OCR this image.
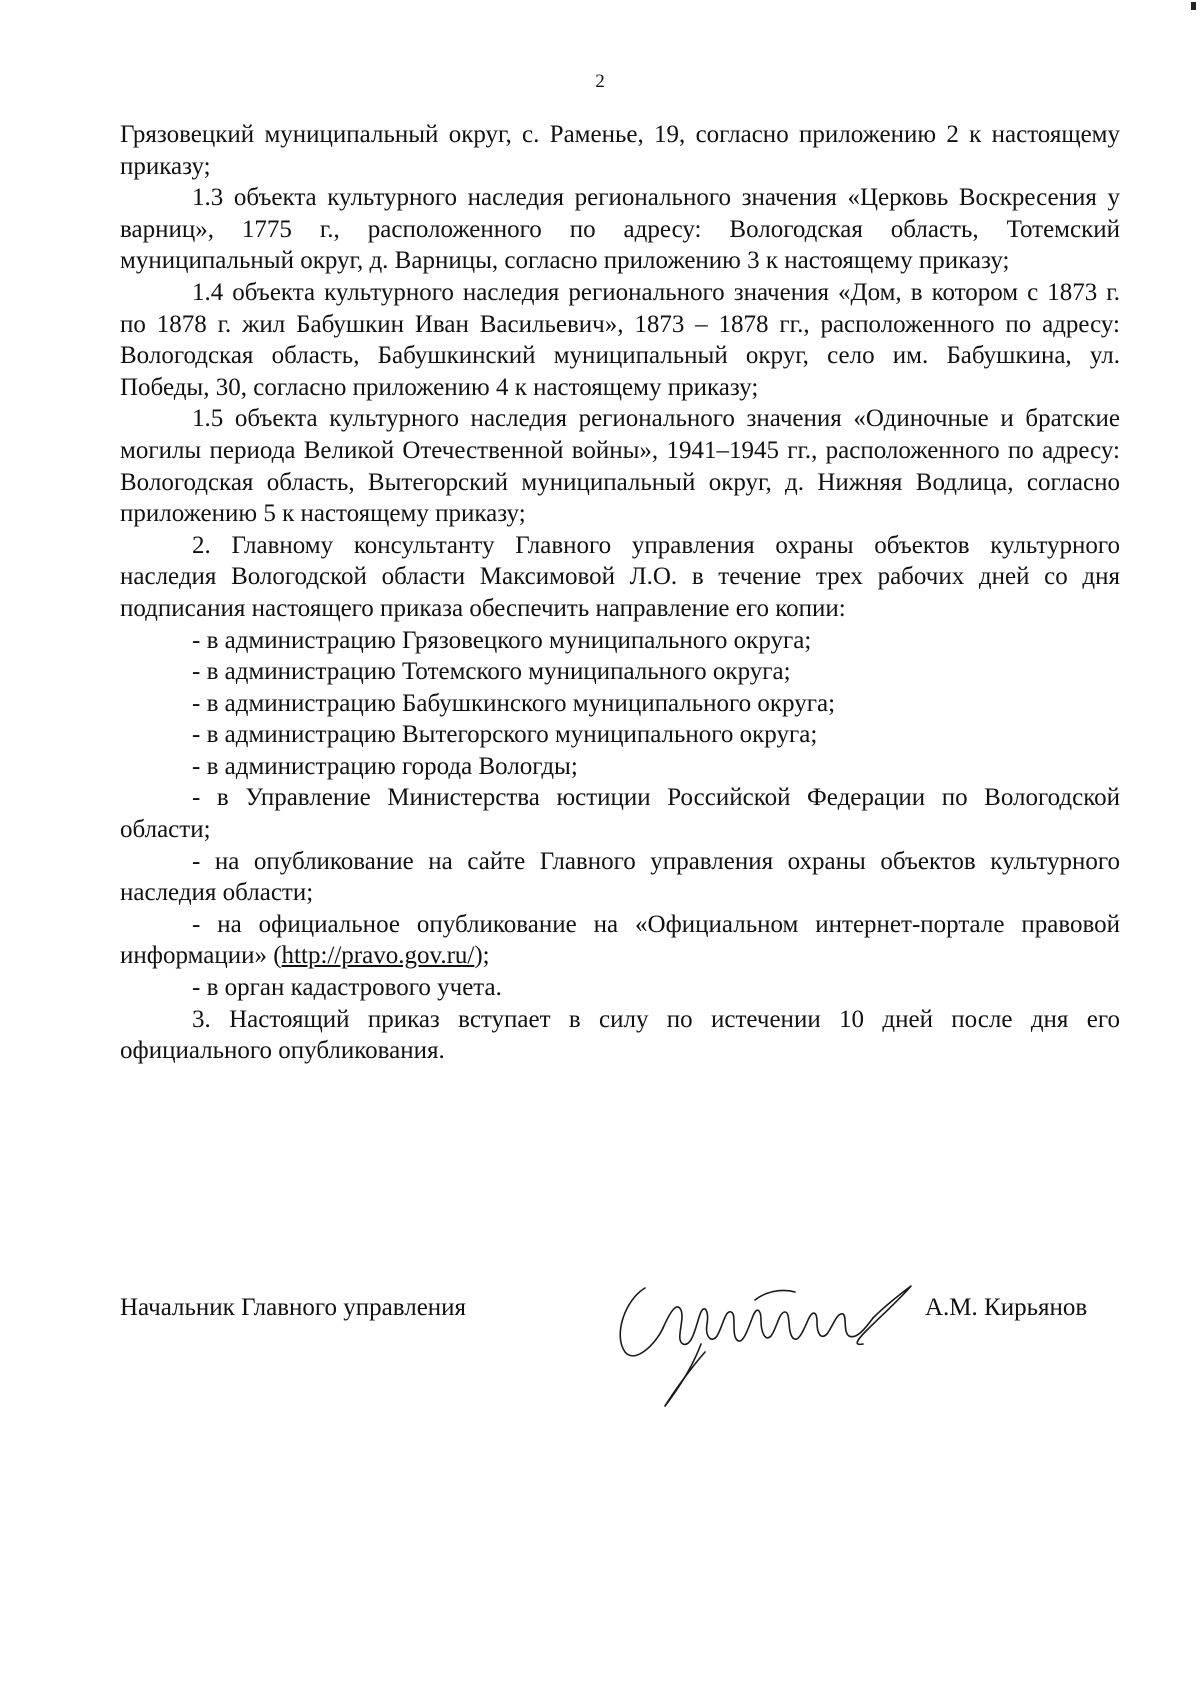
2

Грязовецкий муниципальный округ, с. Раменье, 19, согласно приложению 2 к настоящему приказу;

1.3 объекта культурного наследия регионального значения «Церковь Воскресения у варниц», 1775 г., расположенного по адресу: Вологодская область, Тотемский муниципальный округ, д. Варницы, согласно приложению 3 к настоящему приказу;

1.4 объекта культурного наследия регионального значения «Дом, в котором с 1873 г. по 1878 г. жил Бабушкин Иван Васильевич», 1873 – 1878 гг., расположенного по адресу: Вологодская область, Бабушкинский муниципальный округ, село им. Бабушкина, ул. Победы, 30, согласно приложению 4 к настоящему приказу;

1.5 объекта культурного наследия регионального значения «Одиночные и братские могилы периода Великой Отечественной войны», 1941–1945 гг., расположенного по адресу: Вологодская область, Вытегорский муниципальный округ, д. Нижняя Водлица, согласно приложению 5 к настоящему приказу;

2. Главному консультанту Главного управления охраны объектов культурного наследия Вологодской области Максимовой Л.О. в течение трех рабочих дней со дня подписания настоящего приказа обеспечить направление его копии:

- в администрацию Грязовецкого муниципального округа;

- в администрацию Тотемского муниципального округа;

- в администрацию Бабушкинского муниципального округа;

- в администрацию Вытегорского муниципального округа;

- в администрацию города Вологды;

- в Управление Министерства юстиции Российской Федерации по Вологодской области;

- на опубликование на сайте Главного управления охраны объектов культурного наследия области;

- на официальное опубликование на «Официальном интернет-портале правовой информации» (http://pravo.gov.ru/);

- в орган кадастрового учета.

3. Настоящий приказ вступает в силу по истечении 10 дней после дня его официального опубликования.

Начальник Главного управления	А.М. Кирьянов
